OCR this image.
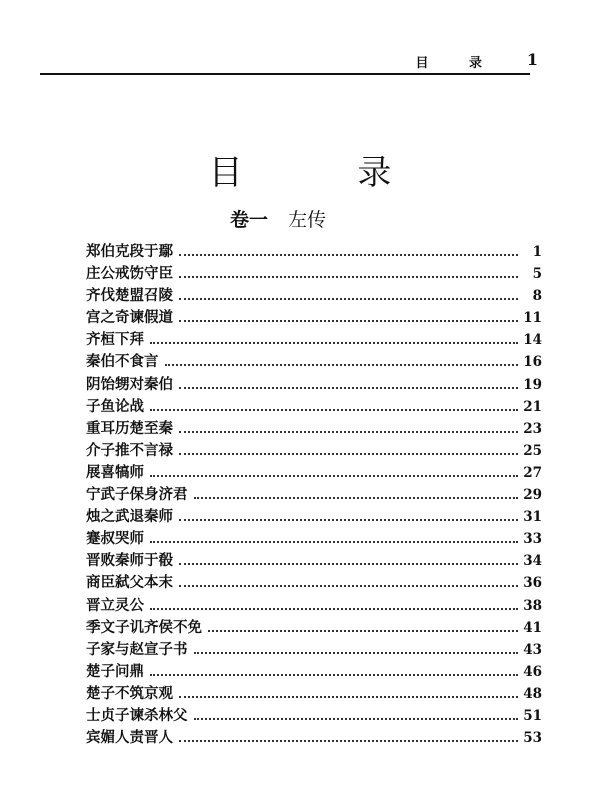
目 录 1
目 录
卷一 左传
郑伯克段于鄢	1
庄公戒饬守臣	5
齐伐楚盟召陵	8
宫之奇谏假道	11
齐桓下拜	14
秦伯不食言	16
阴饴甥对秦伯	19
子鱼论战	21
重耳历楚至秦	23
介子推不言禄	25
展喜犒师	27
宁武子保身济君	29
烛之武退秦师	31
蹇叔哭师	33
晋败秦师于殽	34
商臣弑父本末	36
晋立灵公	38
季文子讥齐侯不免	41
子家与赵宣子书	43
楚子问鼎	46
楚子不筑京观	48
士贞子谏杀林父	51
宾媚人责晋人	53
